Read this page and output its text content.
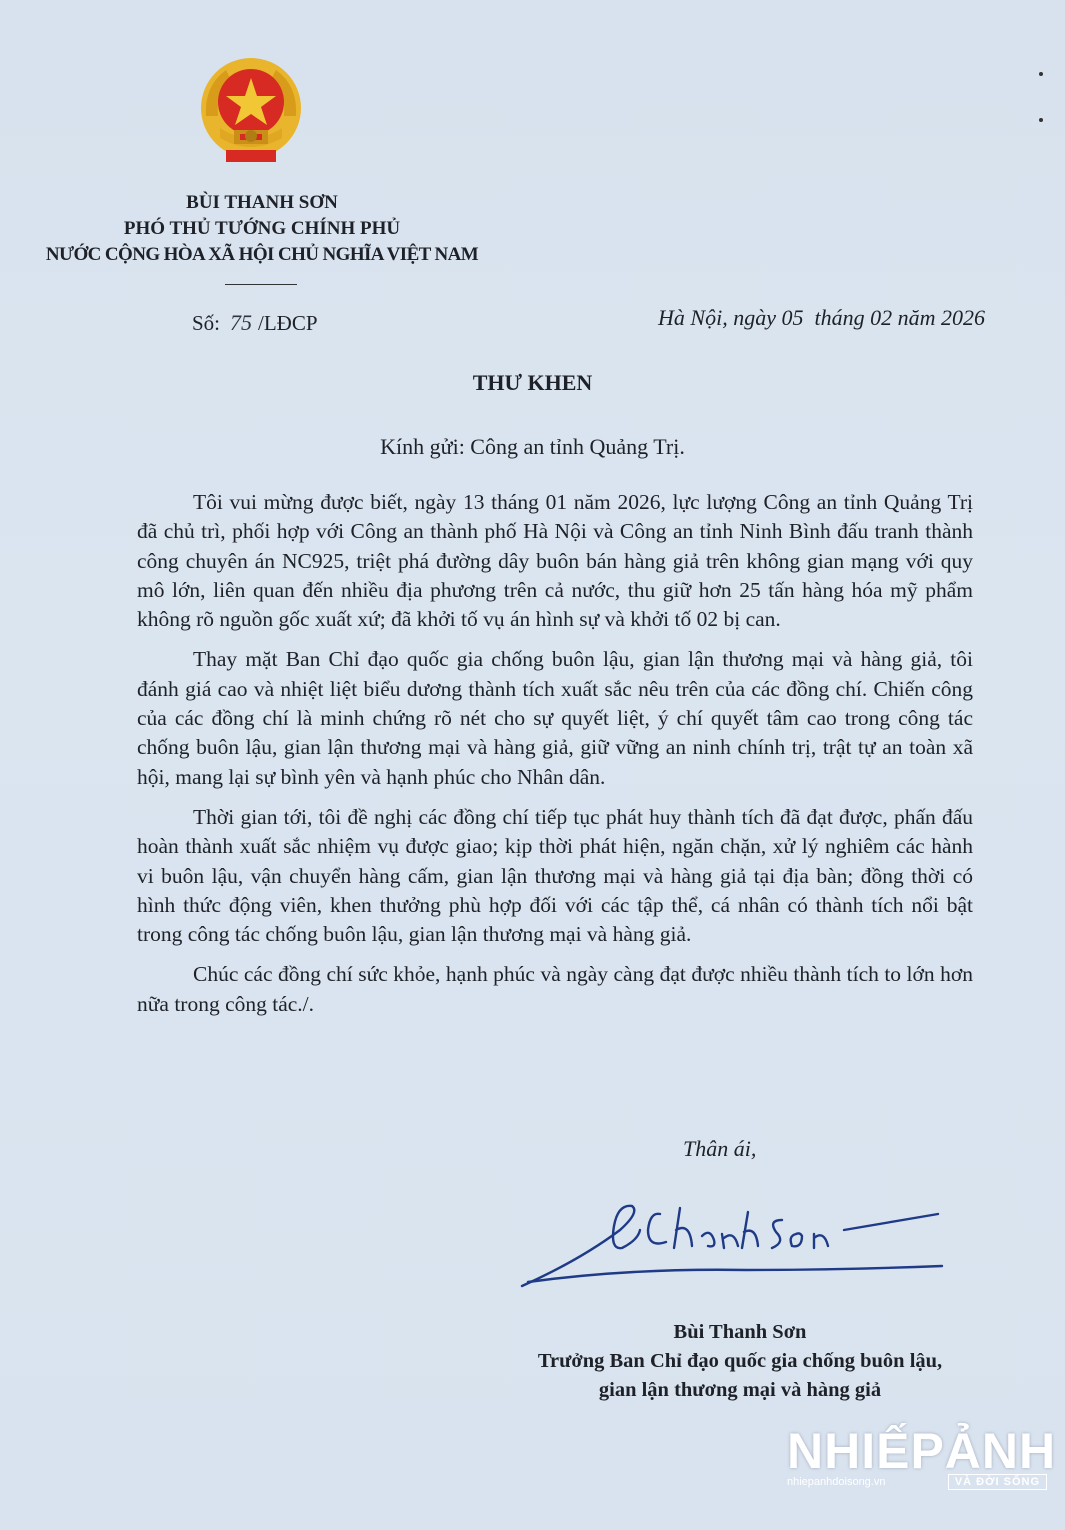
BÙI THANH SƠN
PHÓ THỦ TƯỚNG CHÍNH PHỦ
NƯỚC CỘNG HÒA XÃ HỘI CHỦ NGHĨA VIỆT NAM
Số: 75 /LĐCP	Hà Nội, ngày 05  tháng 02 năm 2026
THƯ KHEN
Kính gửi: Công an tỉnh Quảng Trị.

Tôi vui mừng được biết, ngày 13 tháng 01 năm 2026, lực lượng Công an tỉnh Quảng Trị đã chủ trì, phối hợp với Công an thành phố Hà Nội và Công an tỉnh Ninh Bình đấu tranh thành công chuyên án NC925, triệt phá đường dây buôn bán hàng giả trên không gian mạng với quy mô lớn, liên quan đến nhiều địa phương trên cả nước, thu giữ hơn 25 tấn hàng hóa mỹ phẩm không rõ nguồn gốc xuất xứ; đã khởi tố vụ án hình sự và khởi tố 02 bị can.

Thay mặt Ban Chỉ đạo quốc gia chống buôn lậu, gian lận thương mại và hàng giả, tôi đánh giá cao và nhiệt liệt biểu dương thành tích xuất sắc nêu trên của các đồng chí. Chiến công của các đồng chí là minh chứng rõ nét cho sự quyết liệt, ý chí quyết tâm cao trong công tác chống buôn lậu, gian lận thương mại và hàng giả, giữ vững an ninh chính trị, trật tự an toàn xã hội, mang lại sự bình yên và hạnh phúc cho Nhân dân.

Thời gian tới, tôi đề nghị các đồng chí tiếp tục phát huy thành tích đã đạt được, phấn đấu hoàn thành xuất sắc nhiệm vụ được giao; kịp thời phát hiện, ngăn chặn, xử lý nghiêm các hành vi buôn lậu, vận chuyển hàng cấm, gian lận thương mại và hàng giả tại địa bàn; đồng thời có hình thức động viên, khen thưởng phù hợp đối với các tập thể, cá nhân có thành tích nổi bật trong công tác chống buôn lậu, gian lận thương mại và hàng giả.

Chúc các đồng chí sức khỏe, hạnh phúc và ngày càng đạt được nhiều thành tích to lớn hơn nữa trong công tác./.

Thân ái,
Bùi Thanh Sơn
Trưởng Ban Chỉ đạo quốc gia chống buôn lậu,
gian lận thương mại và hàng giả
NHIẾPẢNH
nhiepanhdoisong.vn	VÀ ĐỜI SỐNG
